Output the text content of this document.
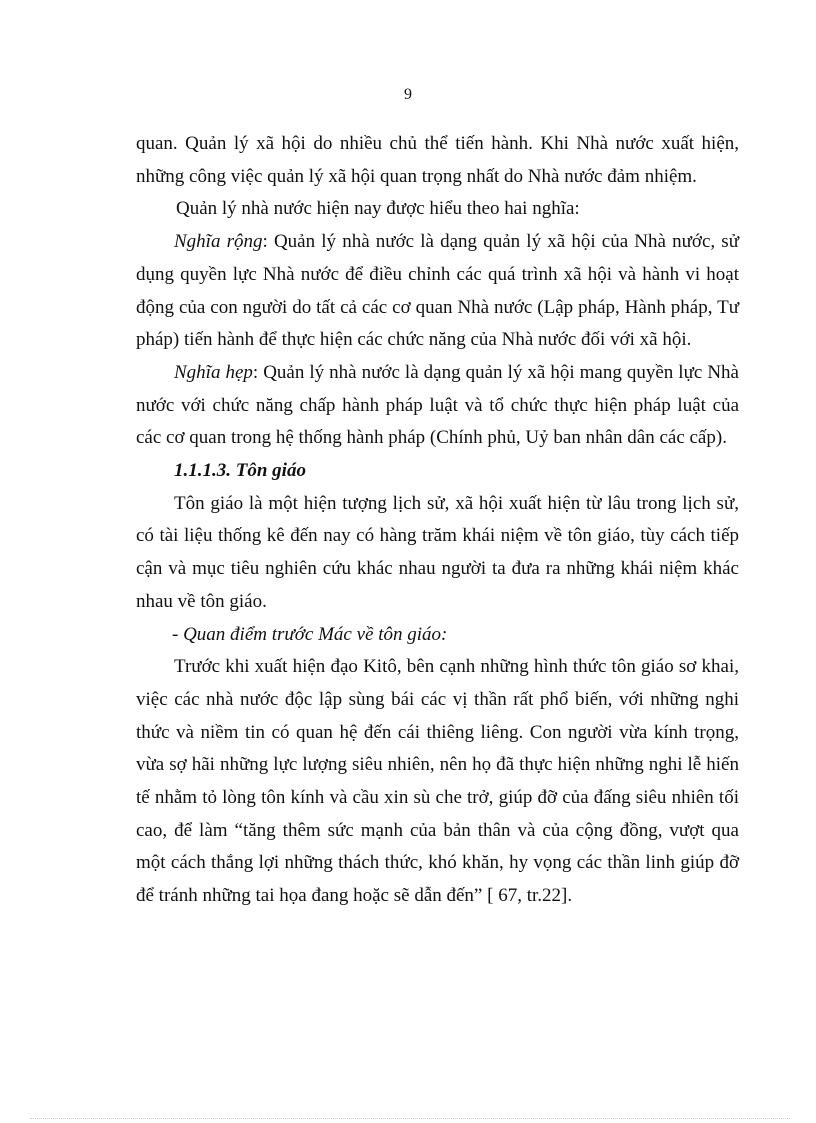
9

quan. Quản lý xã hội do nhiều chủ thể tiến hành. Khi Nhà nước xuất hiện, những công việc quản lý xã hội quan trọng nhất do Nhà nước đảm nhiệm.

Quản lý nhà nước hiện nay được hiểu theo hai nghĩa:

Nghĩa rộng: Quản lý nhà nước là dạng quản lý xã hội của Nhà nước, sử dụng quyền lực Nhà nước để điều chỉnh các quá trình xã hội và hành vi hoạt động của con người do tất cả các cơ quan Nhà nước (Lập pháp, Hành pháp, Tư pháp) tiến hành để thực hiện các chức năng của Nhà nước đối với xã hội.

Nghĩa hẹp: Quản lý nhà nước là dạng quản lý xã hội mang quyền lực Nhà nước với chức năng chấp hành pháp luật và tổ chức thực hiện pháp luật của các cơ quan trong hệ thống hành pháp (Chính phủ, Uỷ ban nhân dân các cấp).

1.1.1.3. Tôn giáo

Tôn giáo là một hiện tượng lịch sử, xã hội xuất hiện từ lâu trong lịch sử, có tài liệu thống kê đến nay có hàng trăm khái niệm về tôn giáo, tùy cách tiếp cận và mục tiêu nghiên cứu khác nhau người ta đưa ra những khái niệm khác nhau về tôn giáo.

- Quan điểm trước Mác về tôn giáo:

Trước khi xuất hiện đạo Kitô, bên cạnh những hình thức tôn giáo sơ khai, việc các nhà nước độc lập sùng bái các vị thần rất phổ biến, với những nghi thức và niềm tin có quan hệ đến cái thiêng liêng. Con người vừa kính trọng, vừa sợ hãi những lực lượng siêu nhiên, nên họ đã thực hiện những nghi lễ hiến tế nhằm tỏ lòng tôn kính và cầu xin sù che trở, giúp đỡ của đấng siêu nhiên tối cao, để làm “tăng thêm sức mạnh của bản thân và của cộng đồng, vượt qua một cách thắng lợi những thách thức, khó khăn, hy vọng các thần linh giúp đỡ để tránh những tai họa đang hoặc sẽ dẫn đến” [ 67, tr.22].
